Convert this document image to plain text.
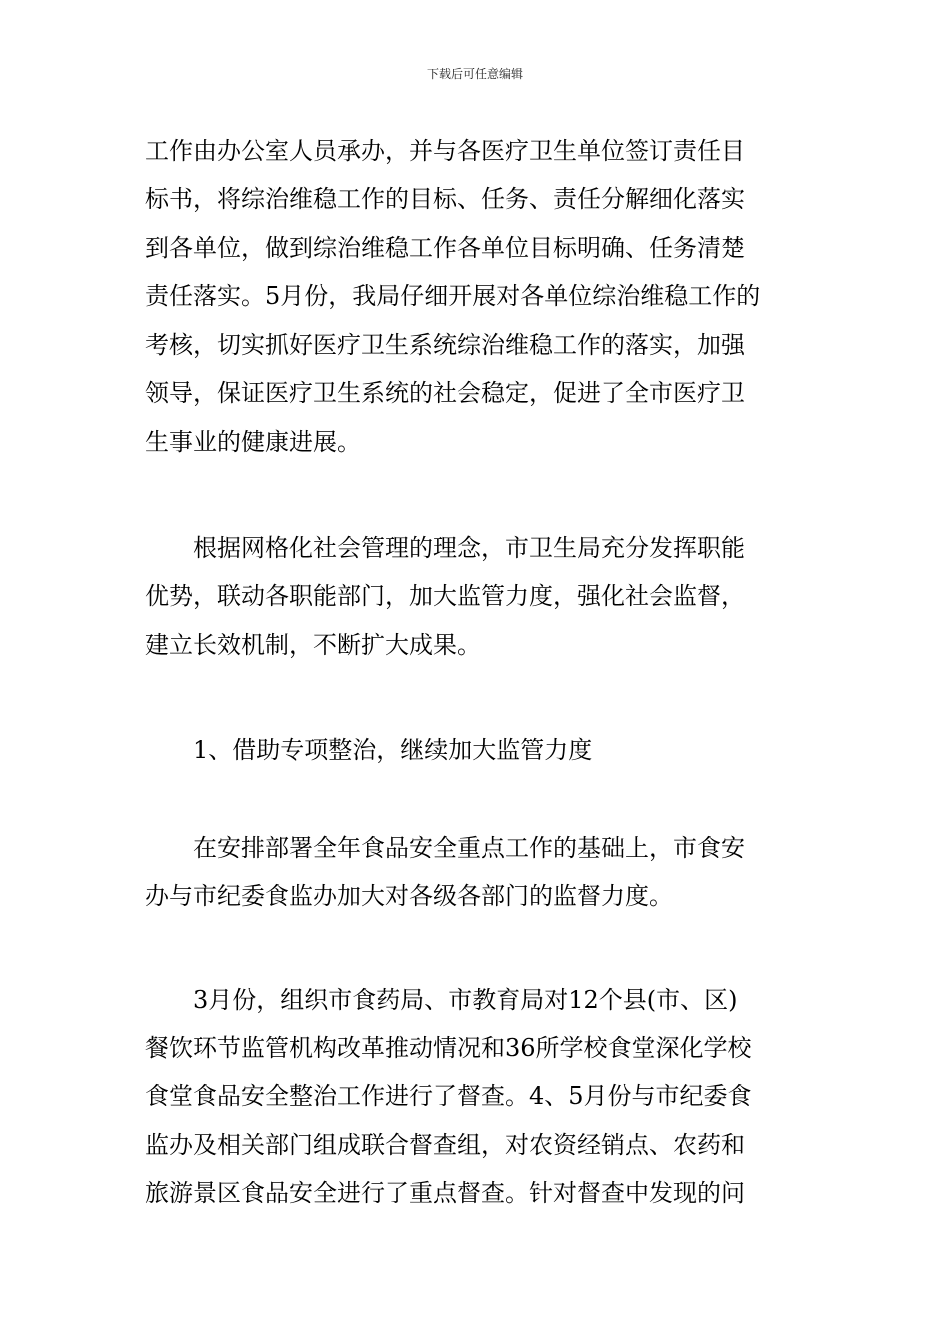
下载后可任意编辑
工作由办公室人员承办，并与各医疗卫生单位签订责任目
标书，将综治维稳工作的目标、任务、责任分解细化落实
到各单位，做到综治维稳工作各单位目标明确、任务清楚
责任落实。5月份，我局仔细开展对各单位综治维稳工作的
考核，切实抓好医疗卫生系统综治维稳工作的落实，加强
领导，保证医疗卫生系统的社会稳定，促进了全市医疗卫
生事业的健康进展。
根据网格化社会管理的理念，市卫生局充分发挥职能
优势，联动各职能部门，加大监管力度，强化社会监督，
建立长效机制，不断扩大成果。
1、借助专项整治，继续加大监管力度
在安排部署全年食品安全重点工作的基础上，市食安
办与市纪委食监办加大对各级各部门的监督力度。
3月份，组织市食药局、市教育局对12个县(市、区)
餐饮环节监管机构改革推动情况和36所学校食堂深化学校
食堂食品安全整治工作进行了督查。4、5月份与市纪委食
监办及相关部门组成联合督查组，对农资经销点、农药和
旅游景区食品安全进行了重点督查。针对督查中发现的问
